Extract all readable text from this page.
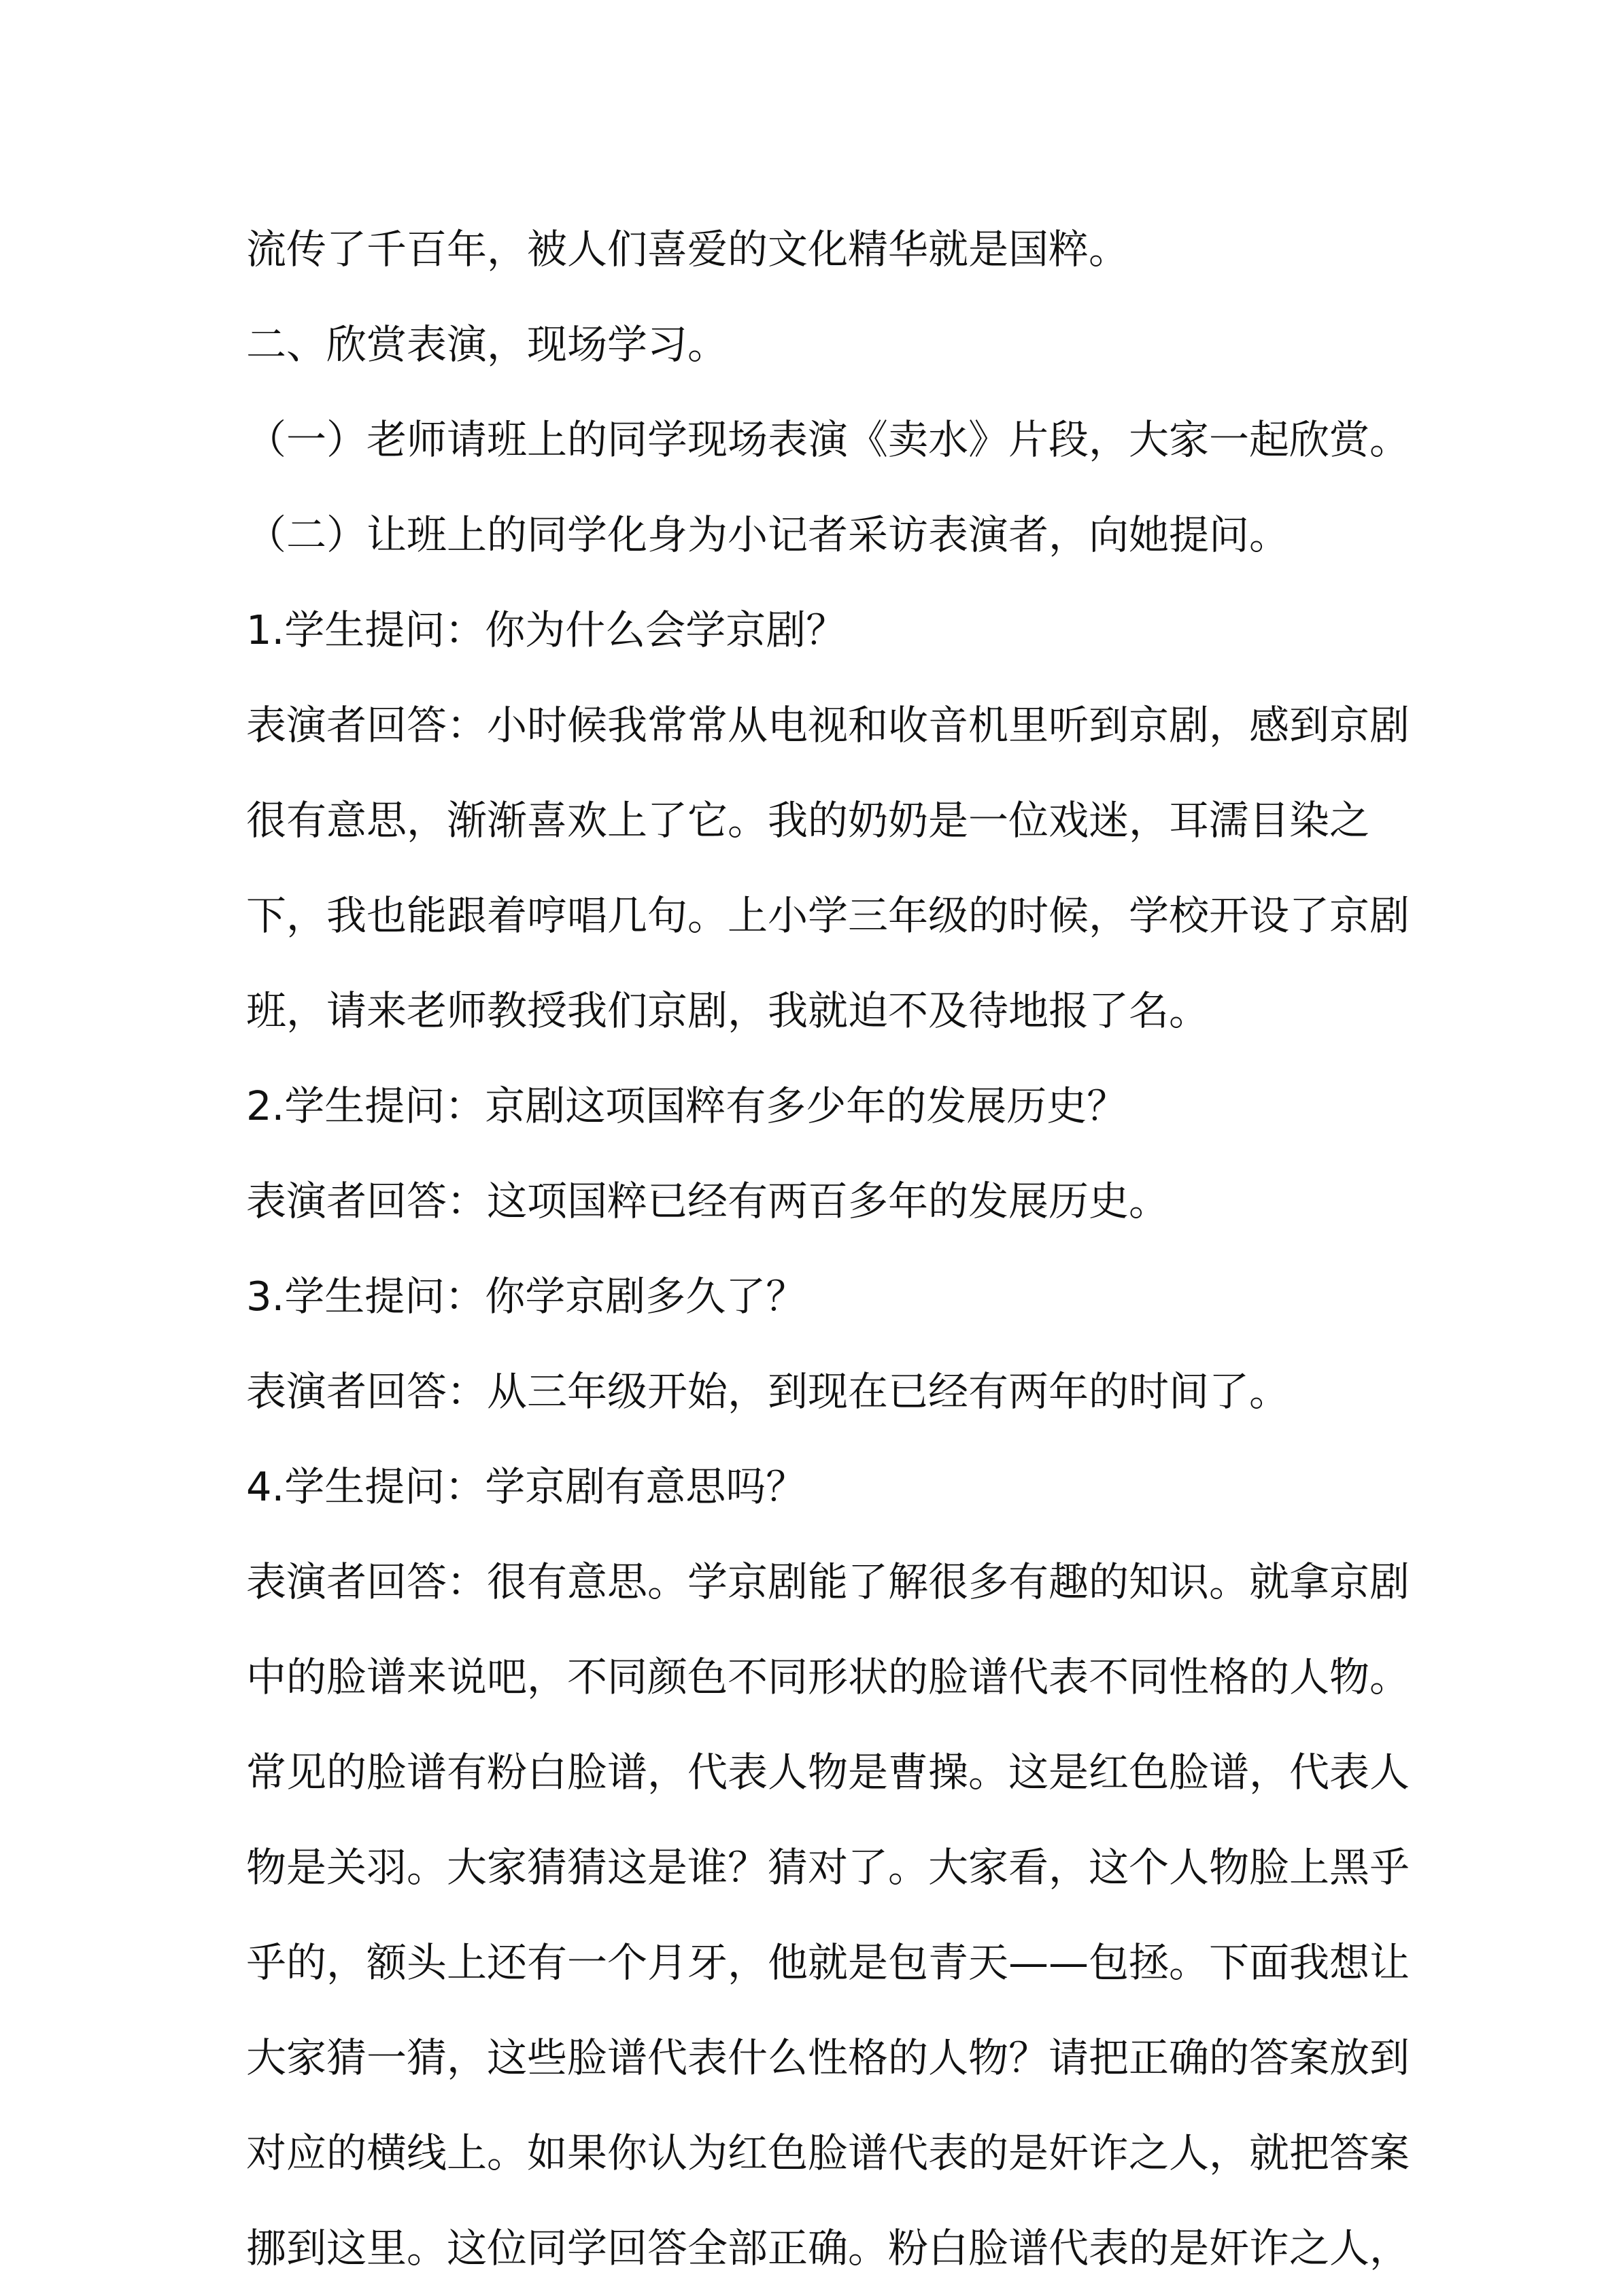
流传了千百年，被人们喜爱的文化精华就是国粹。
二、欣赏表演，现场学习。
（一）老师请班上的同学现场表演《卖水》片段，大家一起欣赏。
（二）让班上的同学化身为小记者采访表演者，向她提问。
1.学生提问：你为什么会学京剧？
表演者回答：小时候我常常从电视和收音机里听到京剧，感到京剧
很有意思，渐渐喜欢上了它。我的奶奶是一位戏迷，耳濡目染之
下，我也能跟着哼唱几句。上小学三年级的时候，学校开设了京剧
班，请来老师教授我们京剧，我就迫不及待地报了名。
2.学生提问：京剧这项国粹有多少年的发展历史？
表演者回答：这项国粹已经有两百多年的发展历史。
3.学生提问：你学京剧多久了？
表演者回答：从三年级开始，到现在已经有两年的时间了。
4.学生提问：学京剧有意思吗？
表演者回答：很有意思。学京剧能了解很多有趣的知识。就拿京剧
中的脸谱来说吧，不同颜色不同形状的脸谱代表不同性格的人物。
常见的脸谱有粉白脸谱，代表人物是曹操。这是红色脸谱，代表人
物是关羽。大家猜猜这是谁？猜对了。大家看，这个人物脸上黑乎
乎的，额头上还有一个月牙，他就是包青天——包拯。下面我想让
大家猜一猜，这些脸谱代表什么性格的人物？请把正确的答案放到
对应的横线上。如果你认为红色脸谱代表的是奸诈之人，就把答案
挪到这里。这位同学回答全部正确。粉白脸谱代表的是奸诈之人，
